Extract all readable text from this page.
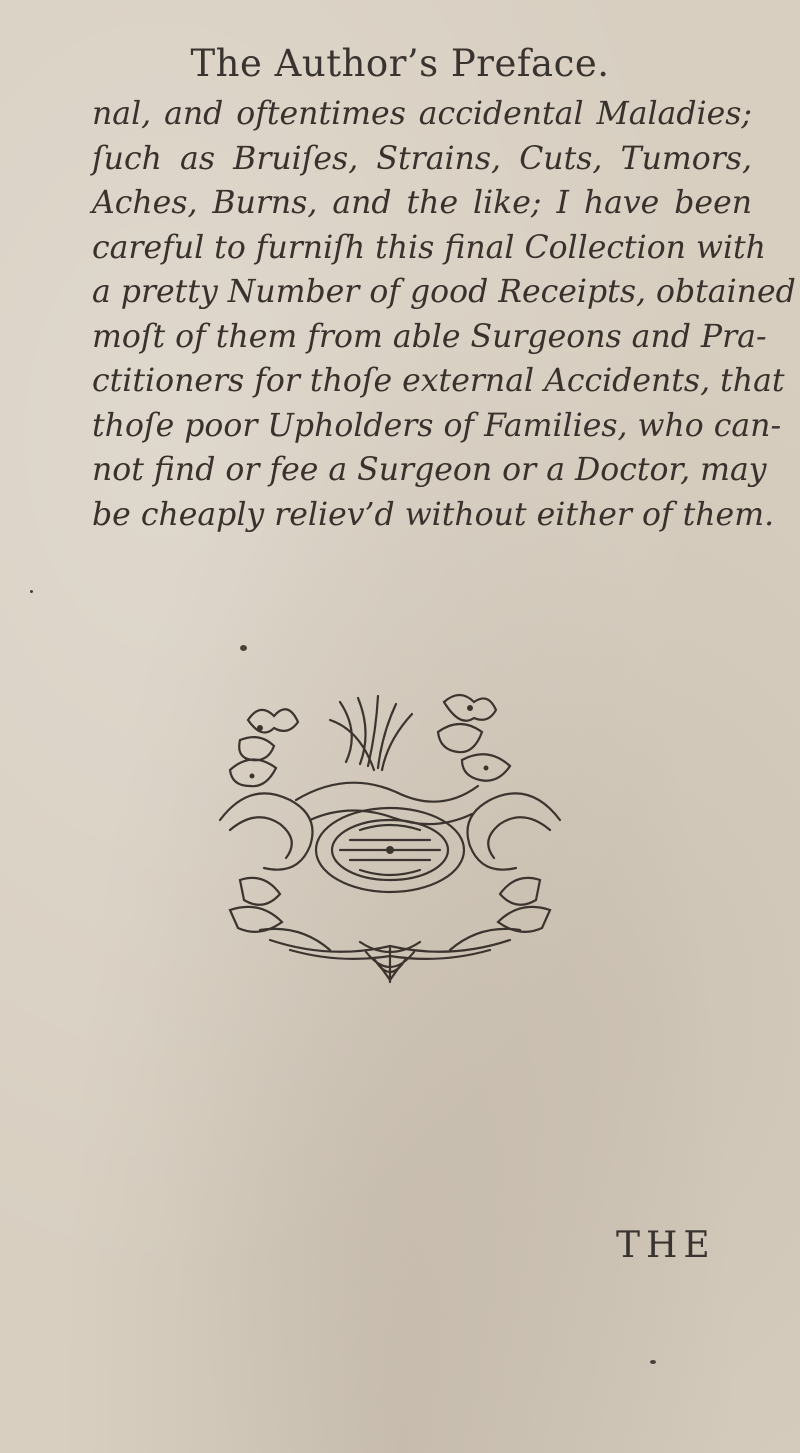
The Author’s Preface.
nal, and oftentimes accidental Maladies;
ſuch as Bruiſes, Strains, Cuts, Tumors,
Aches, Burns, and the like; I have been
careful to furniſh this final Collection with
a pretty Number of good Receipts, obtained
moſt of them from able Surgeons and Pra-
ctitioners for thoſe external Accidents, that
thoſe poor Upholders of Families, who can-
not find or fee a Surgeon or a Doctor, may
be cheaply reliev’d without either of them.
THE
